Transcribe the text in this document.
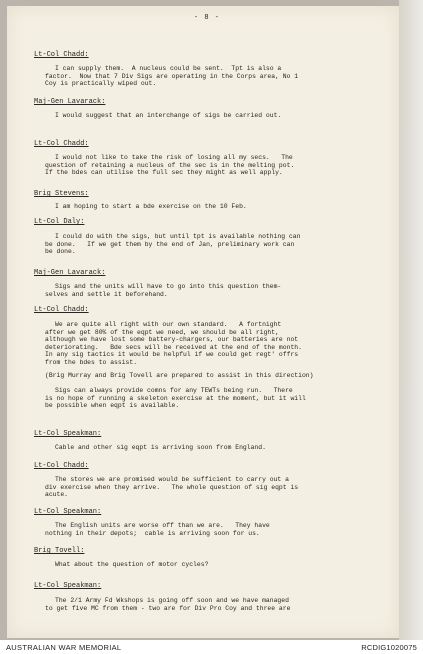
- 8 -
Lt-Col Chadd:
I can supply them.  A nucleus could be sent.  Tpt is also a
factor.  Now that 7 Div Sigs are operating in the Corps area, No 1
Coy is practically wiped out.
Maj-Gen Lavarack:
I would suggest that an interchange of sigs be carried out.
Lt-Col Chadd:
I would not like to take the risk of losing all my secs.   The
question of retaining a nucleus of the sec is in the melting pot.
If the bdes can utilise the full sec they might as well apply.
Brig Stevens:
I am hoping to start a bde exercise on the 10 Feb.
Lt-Col Daly:
I could do with the sigs, but until tpt is available nothing can
be done.   If we get them by the end of Jan, preliminary work can
be done.
Maj-Gen Lavarack:
Sigs and the units will have to go into this question them-
selves and settle it beforehand.
Lt-Col Chadd:
We are quite all right with our own standard.   A fortnight
after we get 80% of the eqpt we need, we should be all right,
although we have lost some battery-chargers, our batteries are not
deteriorating.   Bde secs will be received at the end of the month.
In any sig tactics it would be helpful if we could get regt' offrs
from the bdes to assist.
(Brig Murray and Brig Tovell are prepared to assist in this direction)
Sigs can always provide comns for any TEWTs being run.   There
is no hope of running a skeleton exercise at the moment, but it will
be possible when eqpt is available.
Lt-Col Speakman:
Cable and other sig eqpt is arriving soon from England.
Lt-Col Chadd:
The stores we are promised would be sufficient to carry out a
div exercise when they arrive.   The whole question of sig eqpt is
acute.
Lt-Col Speakman:
The English units are worse off than we are.   They have
nothing in their depots;  cable is arriving soon for us.
Brig Tovell:
What about the question of motor cycles?
Lt-Col Speakman:
The 2/1 Army Fd Wkshops is going off soon and we have managed
to get five MC from them - two are for Div Pro Coy and three are
AUSTRALIAN WAR MEMORIAL	RCDIG1020075
